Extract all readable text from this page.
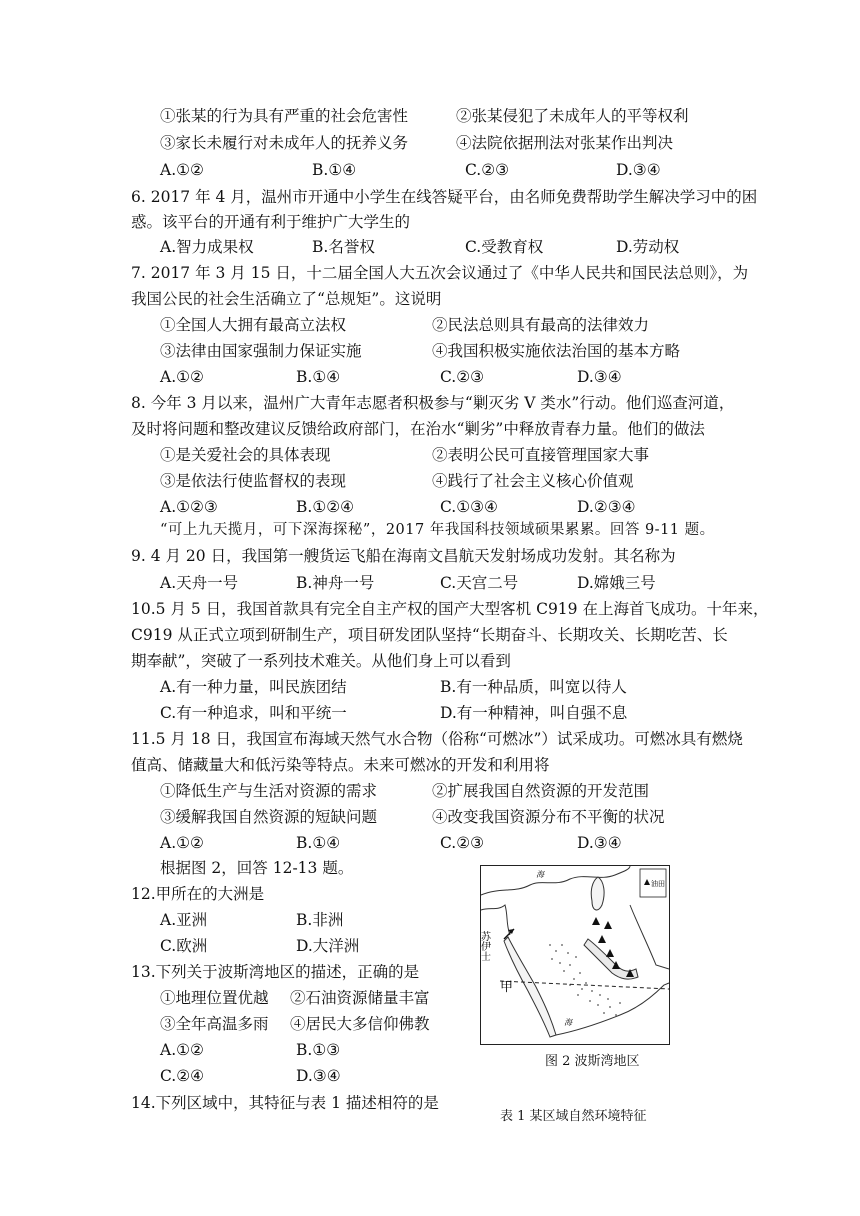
①张某的行为具有严重的社会危害性	②张某侵犯了未成年人的平等权利
③家长未履行对未成年人的抚养义务	④法院依据刑法对张某作出判决
A.①②	B.①④	C.②③	D.③④
6. 2017 年 4 月，温州市开通中小学生在线答疑平台，由名师免费帮助学生解决学习中的困
惑。该平台的开通有利于维护广大学生的
A.智力成果权	B.名誉权	C.受教育权	D.劳动权
7. 2017 年 3 月 15 日，十二届全国人大五次会议通过了《中华人民共和国民法总则》，为
我国公民的社会生活确立了“总规矩”。这说明
①全国人大拥有最高立法权	②民法总则具有最高的法律效力
③法律由国家强制力保证实施	④我国积极实施依法治国的基本方略
A.①②	B.①④	C.②③	D.③④
8. 今年 3 月以来，温州广大青年志愿者积极参与“剿灭劣 V 类水”行动。他们巡查河道，
及时将问题和整改建议反馈给政府部门，在治水“剿劣”中释放青春力量。他们的做法
①是关爱社会的具体表现	②表明公民可直接管理国家大事
③是依法行使监督权的表现	④践行了社会主义核心价值观
A.①②③	B.①②④	C.①③④	D.②③④
“可上九天揽月，可下深海探秘”，2017 年我国科技领域硕果累累。回答 9-11 题。
9. 4 月 20 日，我国第一艘货运飞船在海南文昌航天发射场成功发射。其名称为
A.天舟一号	B.神舟一号	C.天宫二号	D.嫦娥三号
10.5 月 5 日，我国首款具有完全自主产权的国产大型客机 C919 在上海首飞成功。十年来，
C919 从正式立项到研制生产，项目研发团队坚持“长期奋斗、长期攻关、长期吃苦、长
期奉献”，突破了一系列技术难关。从他们身上可以看到
A.有一种力量，叫民族团结	B.有一种品质，叫宽以待人
C.有一种追求，叫和平统一	D.有一种精神，叫自强不息
11.5 月 18 日，我国宣布海域天然气水合物（俗称“可燃冰”）试采成功。可燃冰具有燃烧
值高、储藏量大和低污染等特点。未来可燃冰的开发和利用将
①降低生产与生活对资源的需求	②扩展我国自然资源的开发范围
③缓解我国自然资源的短缺问题	④改变我国资源分布不平衡的状况
A.①②	B.①④	C.②③	D.③④
根据图 2，回答 12-13 题。
12.甲所在的大洲是
A.亚洲	B.非洲
C.欧洲	D.大洋洲
13.下列关于波斯湾地区的描述，正确的是
①地理位置优越 ②石油资源储量丰富
③全年高温多雨 ④居民大多信仰佛教
A.①②	B.①③
C.②④	D.③④
14.下列区域中，其特征与表 1 描述相符的是
油田
苏伊士
甲
海
海
图 2 波斯湾地区
表 1 某区域自然环境特征
